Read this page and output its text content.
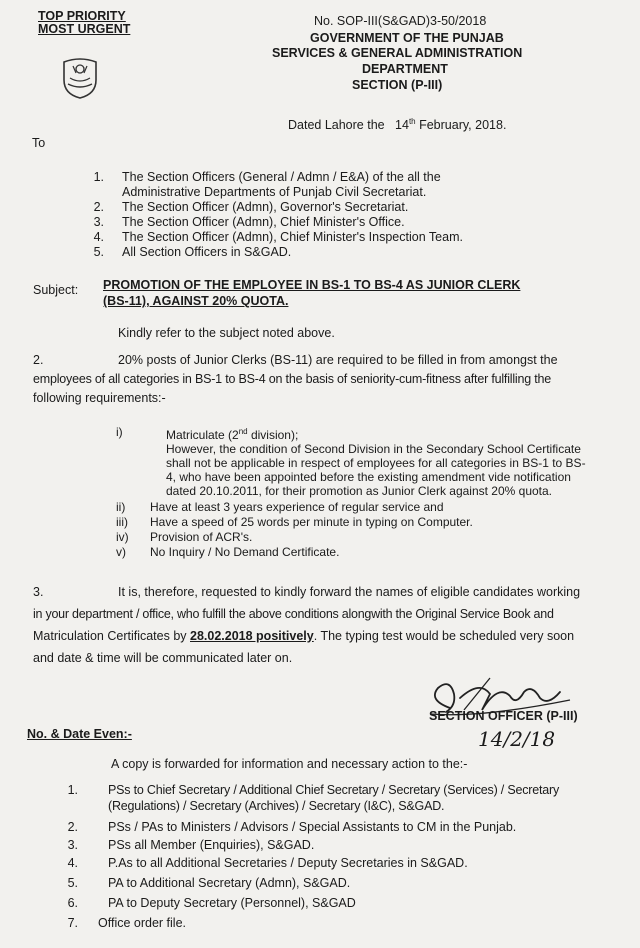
TOP PRIORITY
MOST URGENT
No. SOP-III(S&GAD)3-50/2018
GOVERNMENT OF THE PUNJAB
SERVICES & GENERAL ADMINISTRATION
DEPARTMENT
SECTION (P-III)
Dated Lahore the 14th February, 2018.
To
1. The Section Officers (General / Admn / E&A) of the all the
Administrative Departments of Punjab Civil Secretariat.
2. The Section Officer (Admn), Governor's Secretariat.
3. The Section Officer (Admn), Chief Minister's Office.
4. The Section Officer (Admn), Chief Minister's Inspection Team.
5. All Section Officers in S&GAD.
Subject: PROMOTION OF THE EMPLOYEE IN BS-1 TO BS-4 AS JUNIOR CLERK
(BS-11), AGAINST 20% QUOTA.
Kindly refer to the subject noted above.
2.	20% posts of Junior Clerks (BS-11) are required to be filled in from amongst the
employees of all categories in BS-1 to BS-4 on the basis of seniority-cum-fitness after fulfilling the
following requirements:-
i)	Matriculate (2nd division);
However, the condition of Second Division in the Secondary School Certificate
shall not be applicable in respect of employees for all categories in BS-1 to BS-
4, who have been appointed before the existing amendment vide notification
dated 20.10.2011, for their promotion as Junior Clerk against 20% quota.
ii)	Have at least 3 years experience of regular service and
iii)	Have a speed of 25 words per minute in typing on Computer.
iv)	Provision of ACR's.
v)	No Inquiry / No Demand Certificate.
3.	It is, therefore, requested to kindly forward the names of eligible candidates working
in your department / office, who fulfill the above conditions alongwith the Original Service Book and
Matriculation Certificates by 28.02.2018 positively. The typing test would be scheduled very soon
and date & time will be communicated later on.
SECTION OFFICER (P-III)
14/2/18
No. & Date Even:-
A copy is forwarded for information and necessary action to the:-
1. PSs to Chief Secretary / Additional Chief Secretary / Secretary (Services) / Secretary
(Regulations) / Secretary (Archives) / Secretary (I&C), S&GAD.
2. PSs / PAs to Ministers / Advisors / Special Assistants to CM in the Punjab.
3. PSs all Member (Enquiries), S&GAD.
4. P.As to all Additional Secretaries / Deputy Secretaries in S&GAD.
5. PA to Additional Secretary (Admn), S&GAD.
6. PA to Deputy Secretary (Personnel), S&GAD
7. Office order file.
